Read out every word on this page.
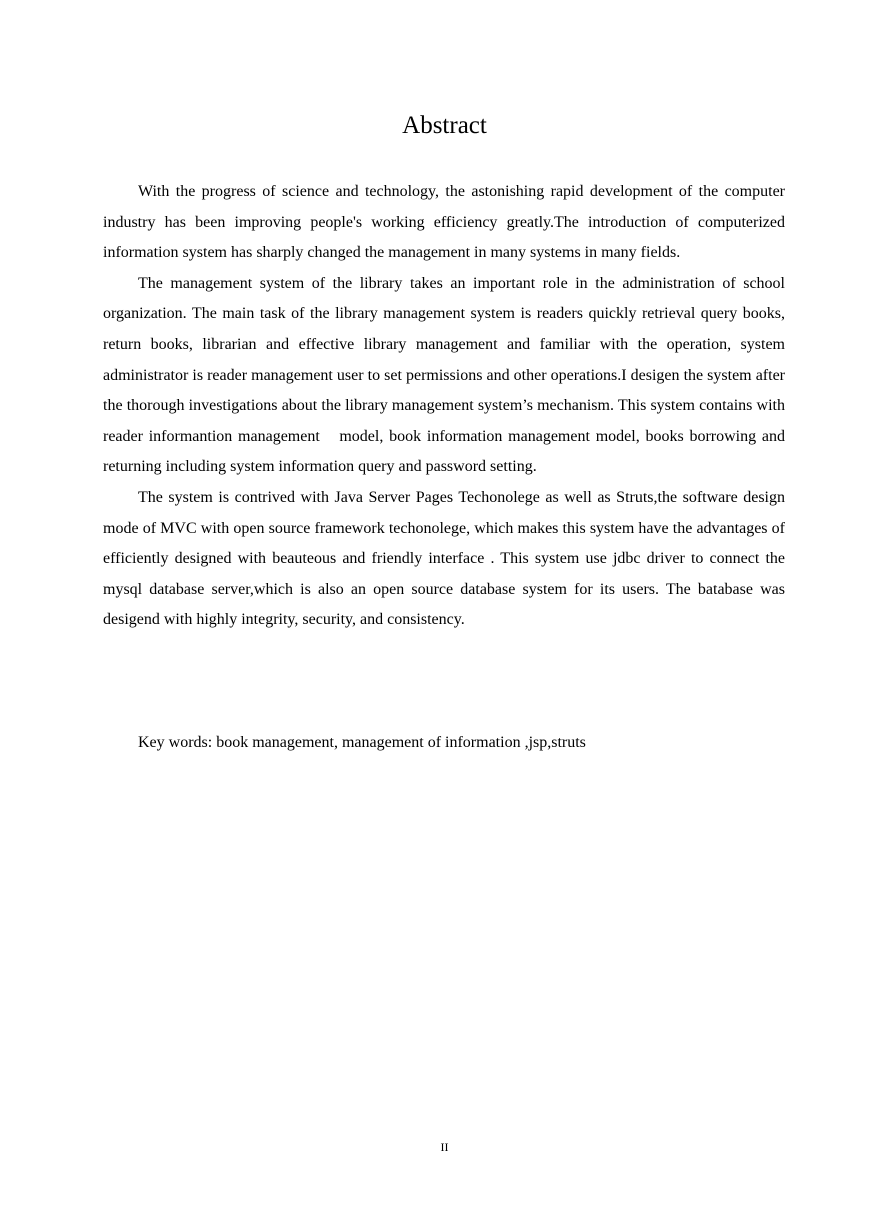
Abstract

With the progress of science and technology, the astonishing rapid development of the computer industry has been improving people's working efficiency greatly.The introduction of computerized information system has sharply changed the management in many systems in many fields.

The management system of the library takes an important role in the administration of school organization. The main task of the library management system is readers quickly retrieval query books, return books, librarian and effective library management and familiar with the operation, system administrator is reader management user to set permissions and other operations.I desigen the system after the thorough investigations about the library management system’s mechanism. This system contains with reader informantion management　model, book information management model, books borrowing and returning including system information query and password setting.

The system is contrived with Java Server Pages Techonolege as well as Struts,the software design mode of MVC with open source framework techonolege, which makes this system have the advantages of efficiently designed with beauteous and friendly interface . This system use jdbc driver to connect the mysql database server,which is also an open source database system for its users. The batabase was desigend with highly integrity, security, and consistency.

Key words: book management, management of information ,jsp,struts

II
